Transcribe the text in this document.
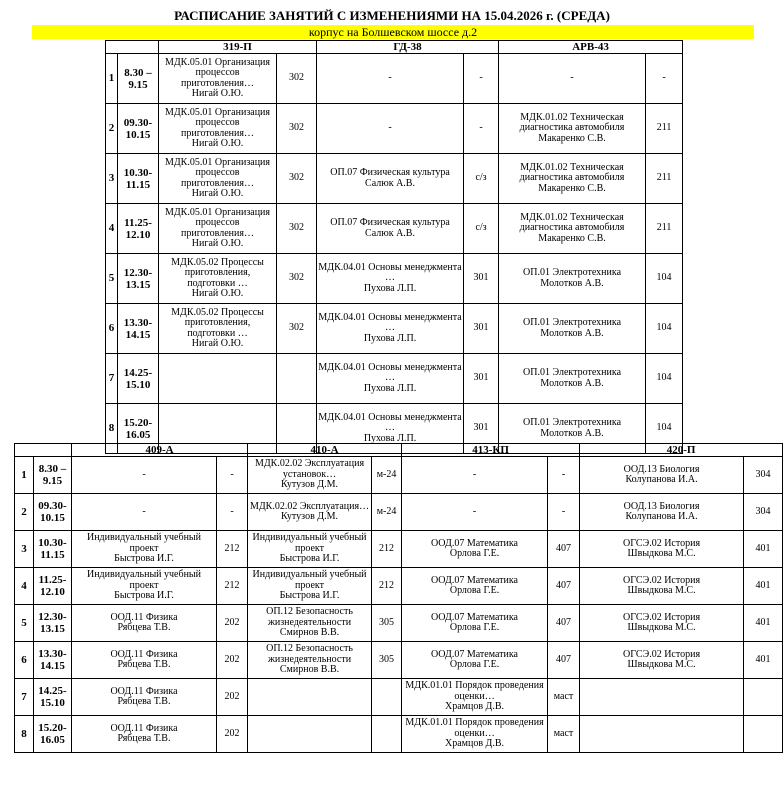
РАСПИСАНИЕ ЗАНЯТИЙ С ИЗМЕНЕНИЯМИ НА 15.04.2026 г. (СРЕДА)
корпус на Болшевском шоссе д.2
		319-П		ГД-38		АРВ-43	
1	8.30 – 9.15	МДК.05.01 Организация процессов приготовления…
Нигай О.Ю.	302	-	-	-	-
2	09.30- 10.15	МДК.05.01 Организация процессов приготовления…
Нигай О.Ю.	302	-	-	МДК.01.02 Техническая диагностика автомобиля
Макаренко С.В.	211
3	10.30- 11.15	МДК.05.01 Организация процессов приготовления…
Нигай О.Ю.	302	ОП.07 Физическая культура
Салюк А.В.	с/з	МДК.01.02 Техническая диагностика автомобиля
Макаренко С.В.	211
4	11.25- 12.10	МДК.05.01 Организация процессов приготовления…
Нигай О.Ю.	302	ОП.07 Физическая культура
Салюк А.В.	с/з	МДК.01.02 Техническая диагностика автомобиля
Макаренко С.В.	211
5	12.30- 13.15	МДК.05.02 Процессы приготовления, подготовки …
Нигай О.Ю.	302	МДК.04.01 Основы менеджмента …
Пухова Л.П.	301	ОП.01 Электротехника
Молотков А.В.	104
6	13.30- 14.15	МДК.05.02 Процессы приготовления, подготовки …
Нигай О.Ю.	302	МДК.04.01 Основы менеджмента …
Пухова Л.П.	301	ОП.01 Электротехника
Молотков А.В.	104
7	14.25- 15.10			МДК.04.01 Основы менеджмента …
Пухова Л.П.	301	ОП.01 Электротехника
Молотков А.В.	104
8	15.20- 16.05			МДК.04.01 Основы менеджмента …
Пухова Л.П.	301	ОП.01 Электротехника
Молотков А.В.	104
		409-А		410-А		413-КП		420-П	
1	8.30 – 9.15	-	-	МДК.02.02 Эксплуатация установок…
Кутузов Д.М.	м-24	-	-	ООД.13 Биология
Колупанова И.А.	304
2	09.30- 10.15	-	-	МДК.02.02 Эксплуатация…
Кутузов Д.М.	м-24	-	-	ООД.13 Биология
Колупанова И.А.	304
3	10.30- 11.15	Индивидуальный учебный проект
Быстрова И.Г.	212	Индивидуальный учебный проект
Быстрова И.Г.	212	ООД.07 Математика
Орлова Г.Е.	407	ОГСЭ.02 История
Швыдкова М.С.	401
4	11.25- 12.10	Индивидуальный учебный проект
Быстрова И.Г.	212	Индивидуальный учебный проект
Быстрова И.Г.	212	ООД.07 Математика
Орлова Г.Е.	407	ОГСЭ.02 История
Швыдкова М.С.	401
5	12.30- 13.15	ООД.11 Физика
Рябцева Т.В.	202	ОП.12 Безопасность жизнедеятельности
Смирнов В.В.	305	ООД.07 Математика
Орлова Г.Е.	407	ОГСЭ.02 История
Швыдкова М.С.	401
6	13.30- 14.15	ООД.11 Физика
Рябцева Т.В.	202	ОП.12 Безопасность жизнедеятельности
Смирнов В.В.	305	ООД.07 Математика
Орлова Г.Е.	407	ОГСЭ.02 История
Швыдкова М.С.	401
7	14.25- 15.10	ООД.11 Физика
Рябцева Т.В.	202			МДК.01.01 Порядок проведения оценки…
Храмцов Д.В.	маст	

8	15.20- 16.05	ООД.11 Физика
Рябцева Т.В.	202			МДК.01.01 Порядок проведения оценки…
Храмцов Д.В.	маст	
